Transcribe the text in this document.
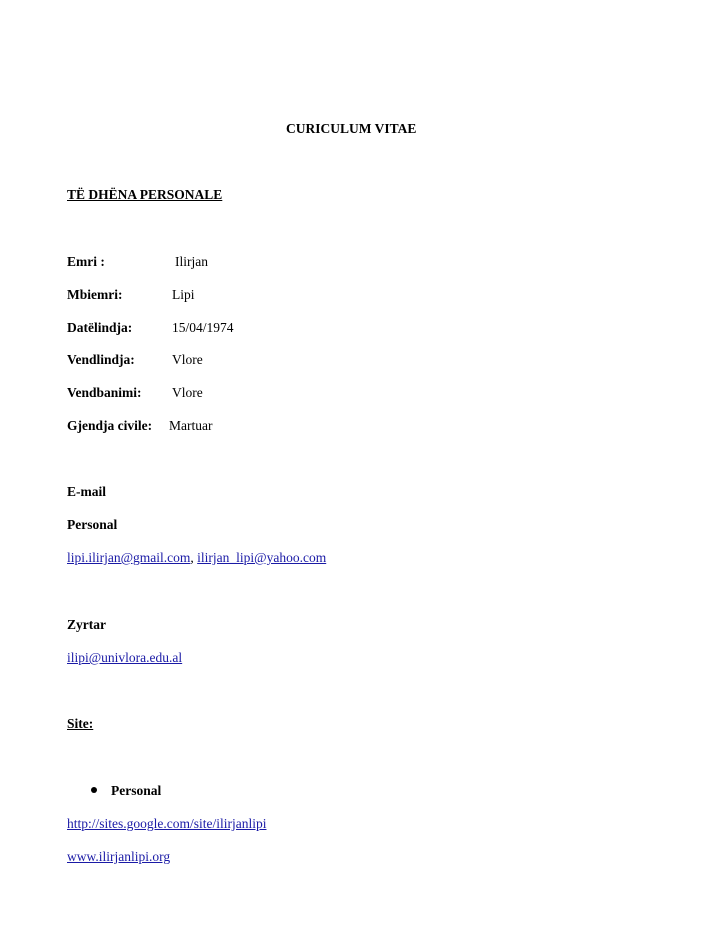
CURICULUM VITAE
TË DHËNA PERSONALE
Emri :	Ilirjan
Mbiemri:	Lipi
Datëlindja:	15/04/1974
Vendlindja:	Vlore
Vendbanimi: Vlore
Gjendja civile: Martuar
E-mail
Personal
lipi.ilirjan@gmail.com, ilirjan_lipi@yahoo.com
Zyrtar
ilipi@univlora.edu.al
Site:
Personal
http://sites.google.com/site/ilirjanlipi
www.ilirjanlipi.org
